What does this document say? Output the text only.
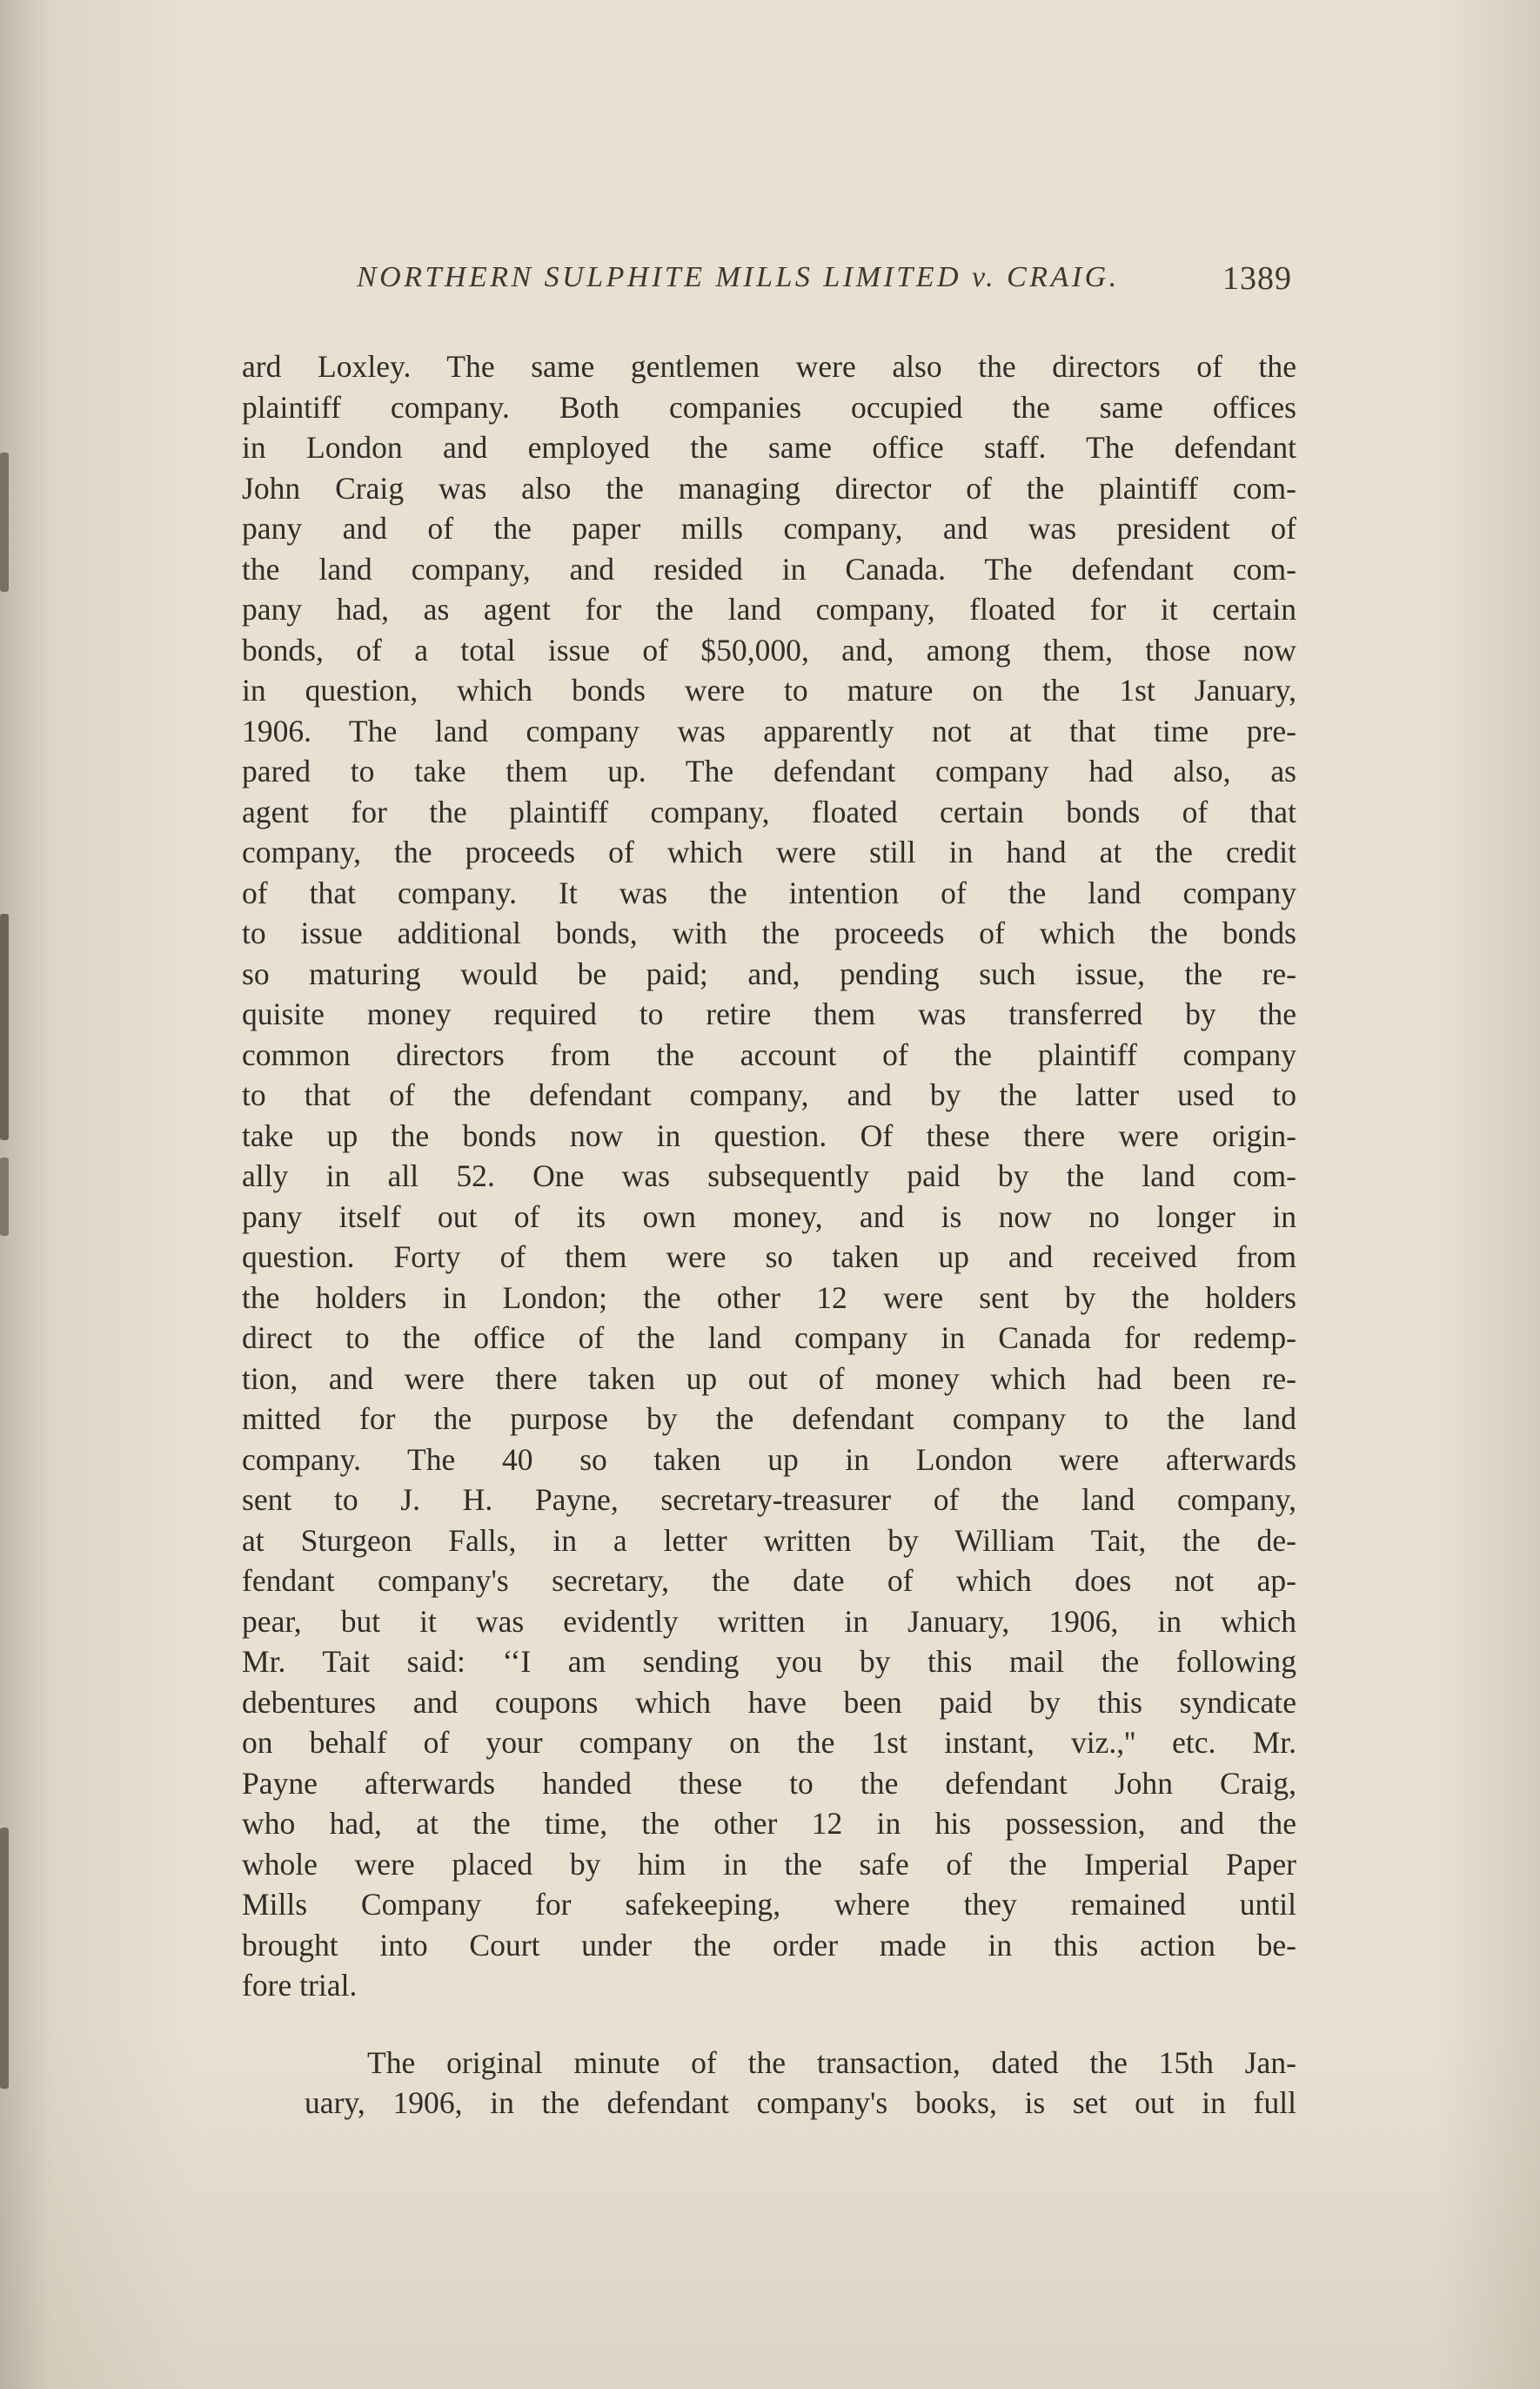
NORTHERN SULPHITE MILLS LIMITED v. CRAIG.	1389

ard Loxley. The same gentlemen were also the directors of the
plaintiff company. Both companies occupied the same offices
in London and employed the same office staff. The defendant
John Craig was also the managing director of the plaintiff com-
pany and of the paper mills company, and was president of
the land company, and resided in Canada. The defendant com-
pany had, as agent for the land company, floated for it certain
bonds, of a total issue of $50,000, and, among them, those now
in question, which bonds were to mature on the 1st January,
1906. The land company was apparently not at that time pre-
pared to take them up. The defendant company had also, as
agent for the plaintiff company, floated certain bonds of that
company, the proceeds of which were still in hand at the credit
of that company. It was the intention of the land company
to issue additional bonds, with the proceeds of which the bonds
so maturing would be paid; and, pending such issue, the re-
quisite money required to retire them was transferred by the
common directors from the account of the plaintiff company
to that of the defendant company, and by the latter used to
take up the bonds now in question. Of these there were origin-
ally in all 52. One was subsequently paid by the land com-
pany itself out of its own money, and is now no longer in
question. Forty of them were so taken up and received from
the holders in London; the other 12 were sent by the holders
direct to the office of the land company in Canada for redemp-
tion, and were there taken up out of money which had been re-
mitted for the purpose by the defendant company to the land
company. The 40 so taken up in London were afterwards
sent to J. H. Payne, secretary-treasurer of the land company,
at Sturgeon Falls, in a letter written by William Tait, the de-
fendant company's secretary, the date of which does not ap-
pear, but it was evidently written in January, 1906, in which
Mr. Tait said: ‘‘I am sending you by this mail the following
debentures and coupons which have been paid by this syndicate
on behalf of your company on the 1st instant, viz.,'' etc. Mr.
Payne afterwards handed these to the defendant John Craig,
who had, at the time, the other 12 in his possession, and the
whole were placed by him in the safe of the Imperial Paper
Mills Company for safekeeping, where they remained until
brought into Court under the order made in this action be-
fore trial.

The original minute of the transaction, dated the 15th Jan-
uary, 1906, in the defendant company's books, is set out in full
